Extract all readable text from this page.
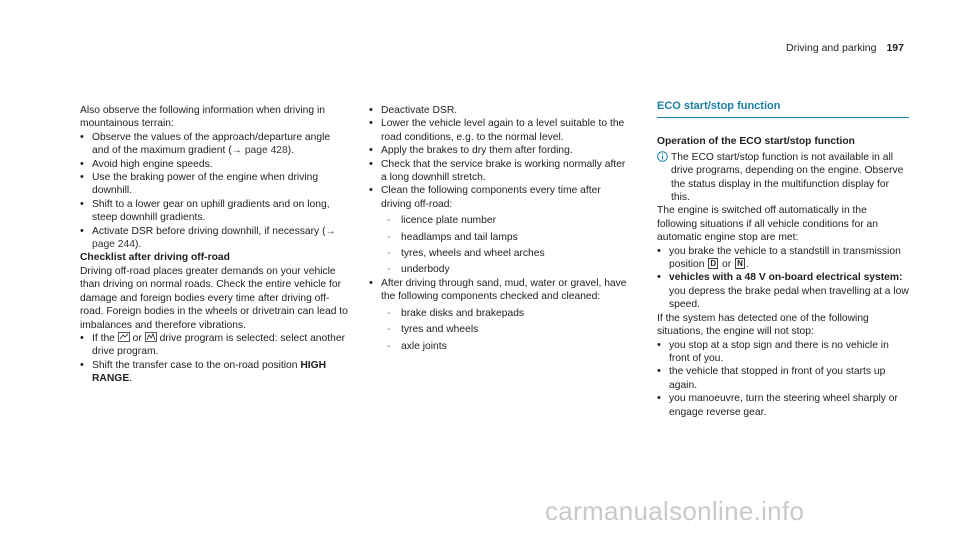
Driving and parking 197

Also observe the following information when driving in mountainous terrain:

• Observe the values of the approach/departure angle and of the maximum gradient (→ page 428).
• Avoid high engine speeds.
• Use the braking power of the engine when driving downhill.
• Shift to a lower gear on uphill gradients and on long, steep downhill gradients.
• Activate DSR before driving downhill, if necessary (→ page 244).

Checklist after driving off-road

Driving off-road places greater demands on your vehicle than driving on normal roads. Check the entire vehicle for damage and foreign bodies every time after driving off-road. Foreign bodies in the wheels or drivetrain can lead to imbalances and therefore vibrations.

• If the or drive program is selected: select another drive program.
• Shift the transfer case to the on-road position HIGH RANGE.
• Deactivate DSR.
• Lower the vehicle level again to a level suitable to the road conditions, e.g. to the normal level.
• Apply the brakes to dry them after fording.
• Check that the service brake is working normally after a long downhill stretch.
• Clean the following components every time after driving off-road:
- licence plate number
- headlamps and tail lamps
- tyres, wheels and wheel arches
- underbody
• After driving through sand, mud, water or gravel, have the following components checked and cleaned:
- brake disks and brakepads
- tyres and wheels
- axle joints
ECO start/stop function

Operation of the ECO start/stop function

The ECO start/stop function is not available in all drive programs, depending on the engine. Observe the status display in the multifunction display for this.

The engine is switched off automatically in the following situations if all vehicle conditions for an automatic engine stop are met:

• you brake the vehicle to a standstill in transmission position D or N .
• vehicles with a 48 V on-board electrical system: you depress the brake pedal when travelling at a low speed.

If the system has detected one of the following situations, the engine will not stop:

• you stop at a stop sign and there is no vehicle in front of you.
• the vehicle that stopped in front of you starts up again.
• you manoeuvre, turn the steering wheel sharply or engage reverse gear.
carmanualsonline.info
